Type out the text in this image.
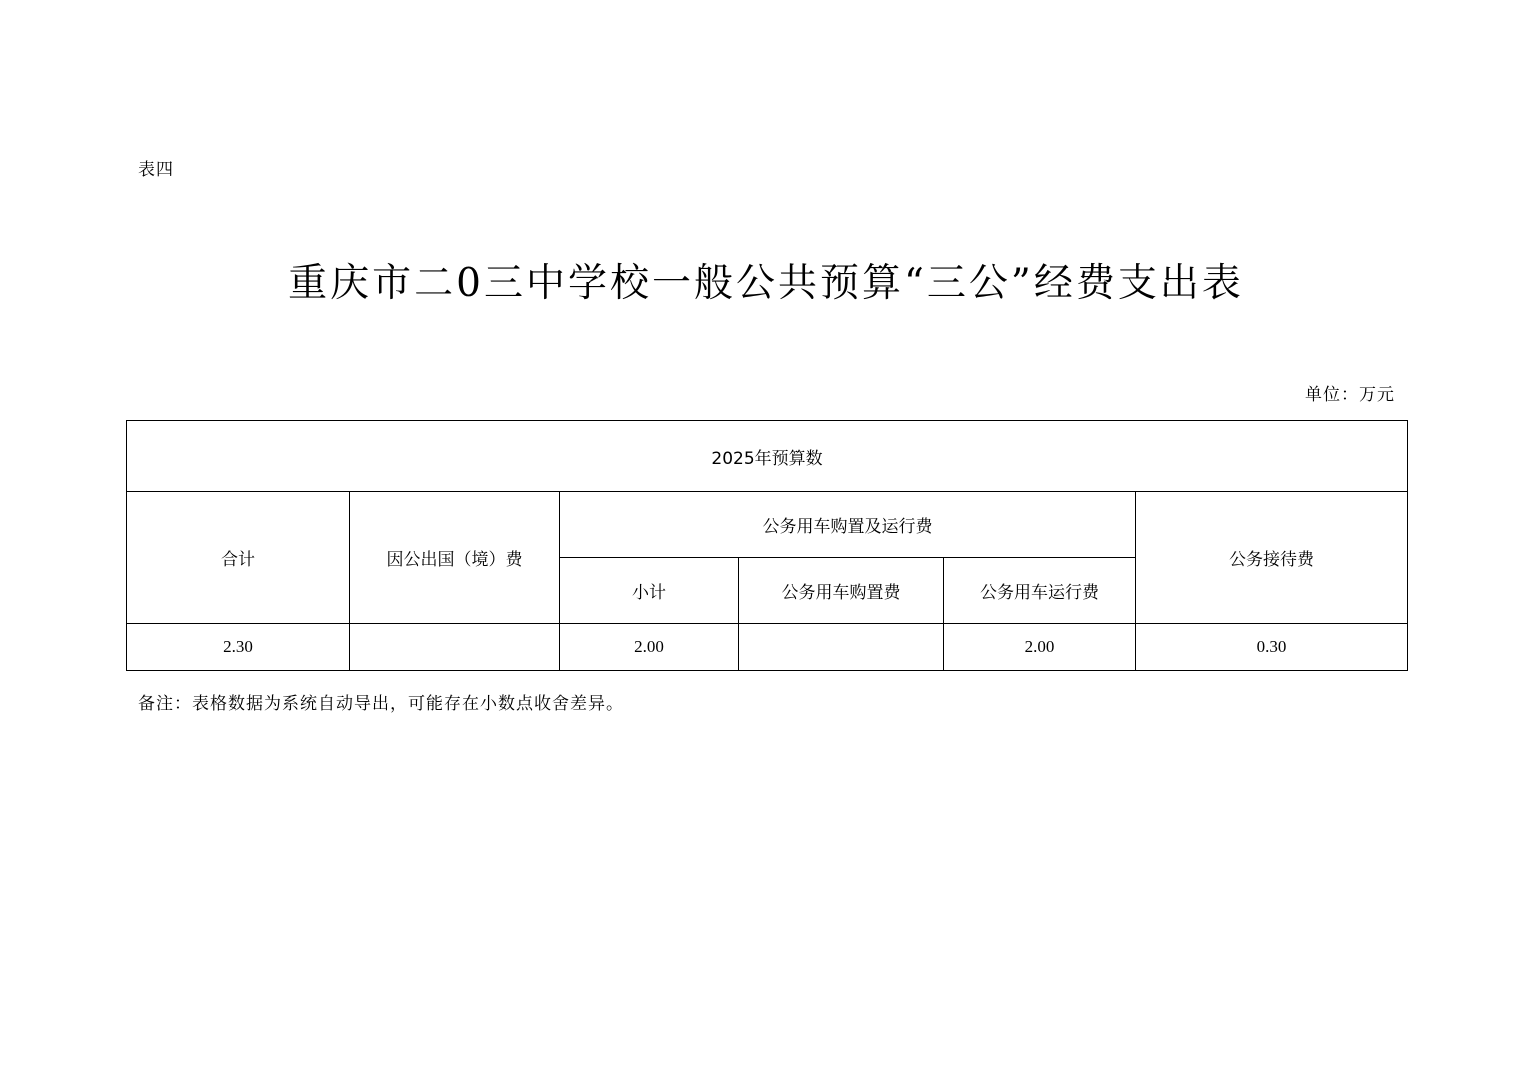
表四
重庆市二0三中学校一般公共预算“三公”经费支出表
单位：万元
2025年预算数					
合计	因公出国（境）费	公务用车购置及运行费			公务接待费
		小计	公务用车购置费	公务用车运行费	
2.30		2.00		2.00	0.30
备注：表格数据为系统自动导出，可能存在小数点收舍差异。
